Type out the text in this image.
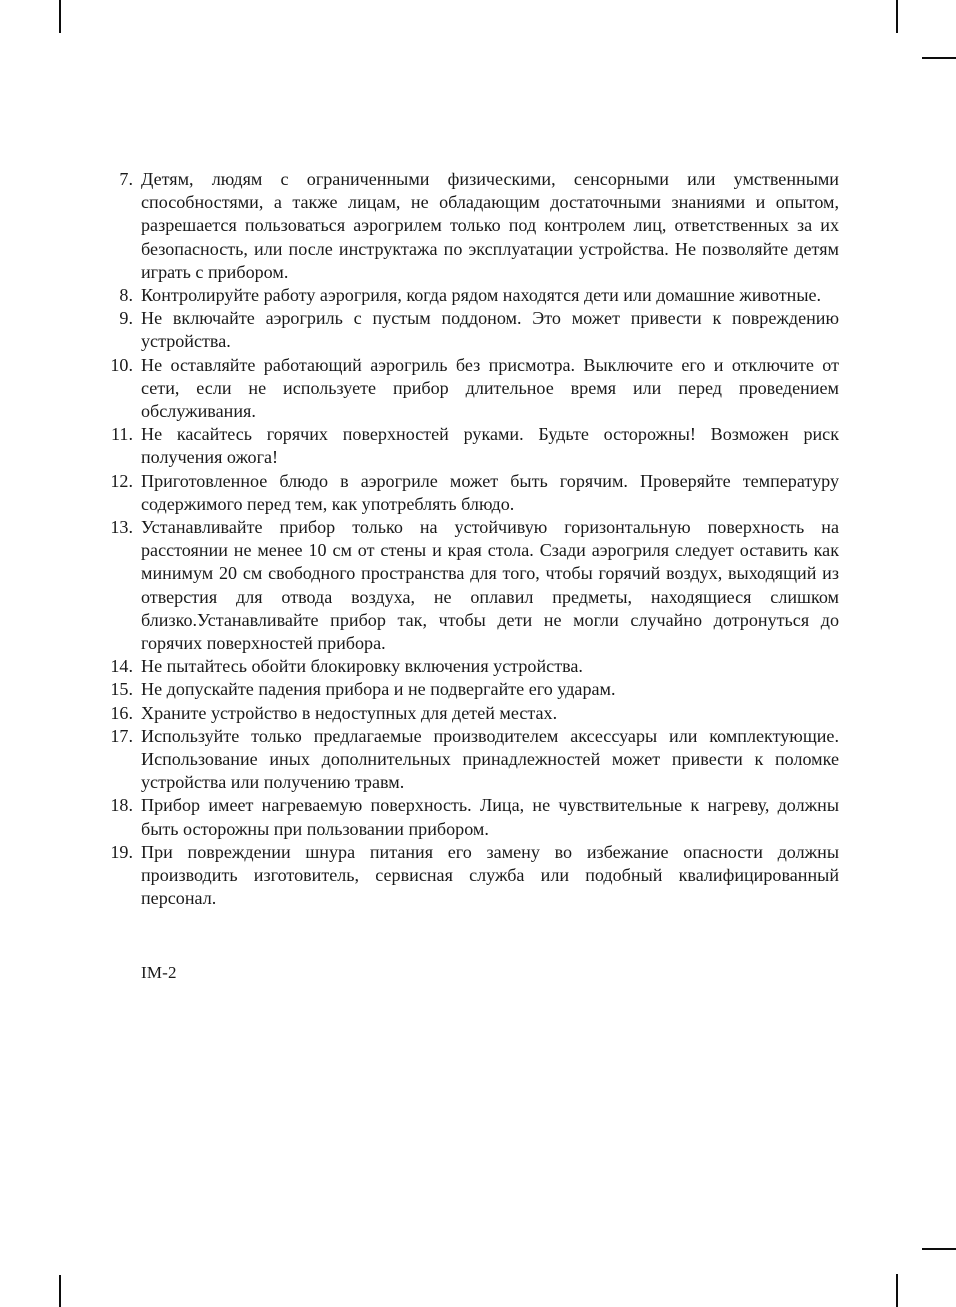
7. Детям, людям с ограниченными физическими, сенсорными или умственными способностями, а также лицам, не обладающим достаточными знаниями и опытом, разрешается пользоваться аэрогрилем только под контролем лиц, ответственных за их безопасность, или после инструктажа по эксплуатации устройства. Не позволяйте детям играть с прибором.
8. Контролируйте работу аэрогриля, когда рядом находятся дети или домашние животные.
9. Не включайте аэрогриль с пустым поддоном. Это может привести к повреждению устройства.
10. Не оставляйте работающий аэрогриль без присмотра. Выключите его и отключите от сети, если не используете прибор длительное время или перед проведением обслуживания.
11. Не касайтесь горячих поверхностей руками. Будьте осторожны! Возможен риск получения ожога!
12. Приготовленное блюдо в аэрогриле может быть горячим. Проверяйте температуру содержимого перед тем, как употреблять блюдо.
13. Устанавливайте прибор только на устойчивую горизонтальную поверхность на расстоянии не менее 10 см от стены и края стола. Сзади аэрогриля следует оставить как минимум 20 см свободного пространства для того, чтобы горячий воздух, выходящий из отверстия для отвода воздуха, не оплавил предметы, находящиеся слишком близко.Устанавливайте прибор так, чтобы дети не могли случайно дотронуться до горячих поверхностей прибора.
14. Не пытайтесь обойти блокировку включения устройства.
15. Не допускайте падения прибора и не подвергайте его ударам.
16. Храните устройство в недоступных для детей местах.
17. Используйте только предлагаемые производителем аксессуары или комплектующие. Использование иных дополнительных принадлежностей может привести к поломке устройства или получению травм.
18. Прибор имеет нагреваемую поверхность. Лица, не чувствительные к нагреву, должны быть осторожны при пользовании прибором.
19. При повреждении шнура питания его замену во избежание опасности должны производить изготовитель, сервисная служба или подобный квалифицированный персонал.
IM-2
